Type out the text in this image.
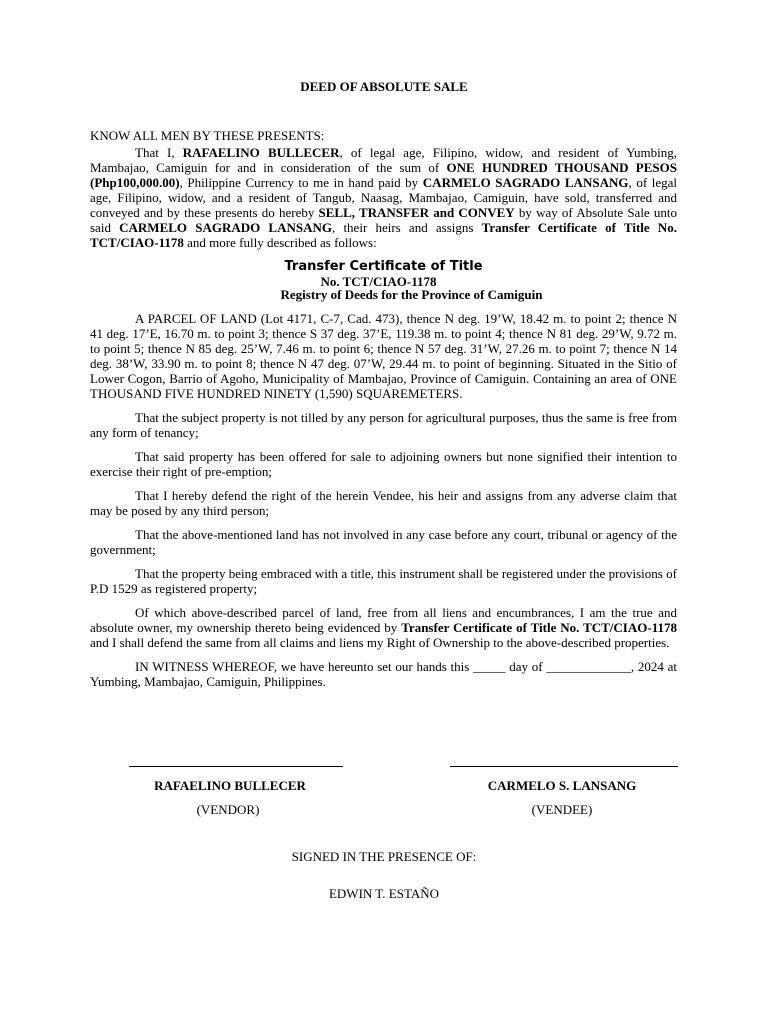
DEED OF ABSOLUTE SALE
KNOW ALL MEN BY THESE PRESENTS:

That I, RAFAELINO BULLECER, of legal age, Filipino, widow, and resident of Yumbing, Mambajao, Camiguin for and in consideration of the sum of ONE HUNDRED THOUSAND PESOS (Php100,000.00), Philippine Currency to me in hand paid by CARMELO SAGRADO LANSANG, of legal age, Filipino, widow, and a resident of Tangub, Naasag, Mambajao, Camiguin, have sold, transferred and conveyed and by these presents do hereby SELL, TRANSFER and CONVEY by way of Absolute Sale unto said CARMELO SAGRADO LANSANG, their heirs and assigns Transfer Certificate of Title No. TCT/CIAO-1178 and more fully described as follows:

Transfer Certificate of Title
No. TCT/CIAO-1178
Registry of Deeds for the Province of Camiguin

A PARCEL OF LAND (Lot 4171, C-7, Cad. 473), thence N deg. 19’W, 18.42 m. to point 2; thence N 41 deg. 17’E, 16.70 m. to point 3; thence S 37 deg. 37’E, 119.38 m. to point 4; thence N 81 deg. 29’W, 9.72 m. to point 5; thence N 85 deg. 25’W, 7.46 m. to point 6; thence N 57 deg. 31’W, 27.26 m. to point 7; thence N 14 deg. 38’W, 33.90 m. to point 8; thence N 47 deg. 07’W, 29.44 m. to point of beginning. Situated in the Sitio of Lower Cogon, Barrio of Agoho, Municipality of Mambajao, Province of Camiguin. Containing an area of ONE THOUSAND FIVE HUNDRED NINETY (1,590) SQUAREMETERS.

That the subject property is not tilled by any person for agricultural purposes, thus the same is free from any form of tenancy;

That said property has been offered for sale to adjoining owners but none signified their intention to exercise their right of pre-emption;

That I hereby defend the right of the herein Vendee, his heir and assigns from any adverse claim that may be posed by any third person;

That the above-mentioned land has not involved in any case before any court, tribunal or agency of the government;

That the property being embraced with a title, this instrument shall be registered under the provisions of P.D 1529 as registered property;

Of which above-described parcel of land, free from all liens and encumbrances, I am the true and absolute owner, my ownership thereto being evidenced by Transfer Certificate of Title No. TCT/CIAO-1178 and I shall defend the same from all claims and liens my Right of Ownership to the above-described properties.

IN WITNESS WHEREOF, we have hereunto set our hands this _____ day of _____________, 2024 at Yumbing, Mambajao, Camiguin, Philippines.

RAFAELINO BULLECER	CARMELO S. LANSANG
(VENDOR)	(VENDEE)
SIGNED IN THE PRESENCE OF:
EDWIN T. ESTAÑO
